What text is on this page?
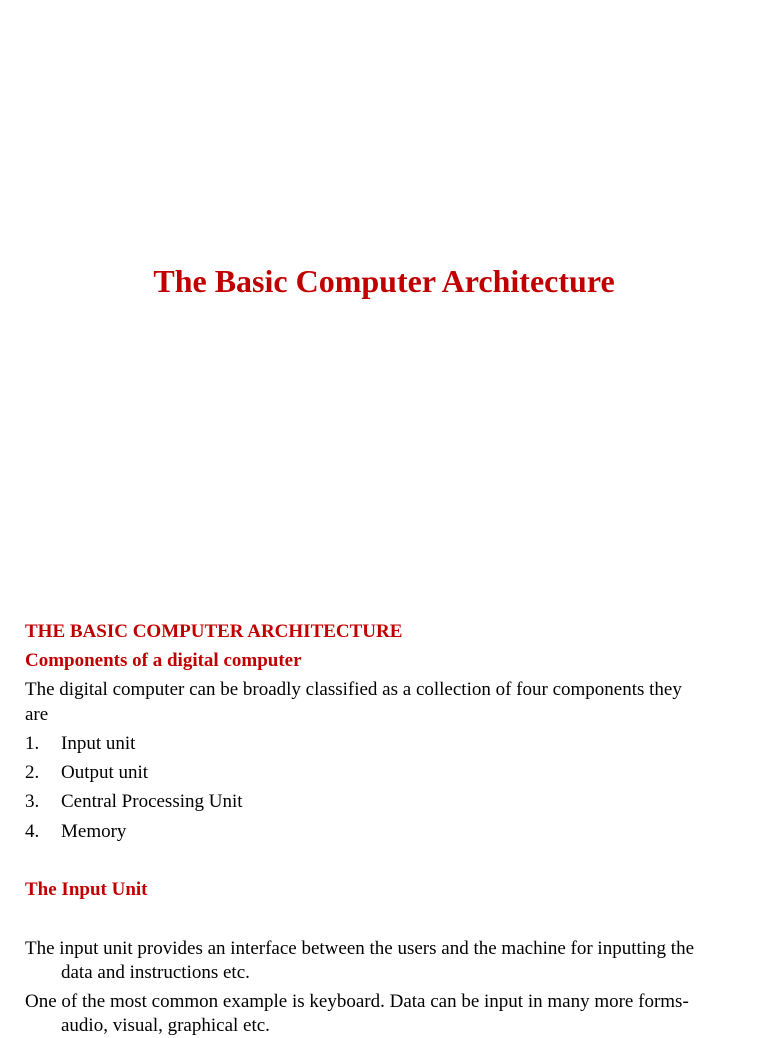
The Basic Computer Architecture
THE BASIC COMPUTER ARCHITECTURE
Components of a digital computer
The digital computer can be broadly classified as a collection of four components they
are
1. Input unit
2. Output unit
3. Central Processing Unit
4. Memory
The Input Unit
The input unit provides an interface between the users and the machine for inputting the
data and instructions etc.
One of the most common example is keyboard. Data can be input in many more forms-
audio, visual, graphical etc.
